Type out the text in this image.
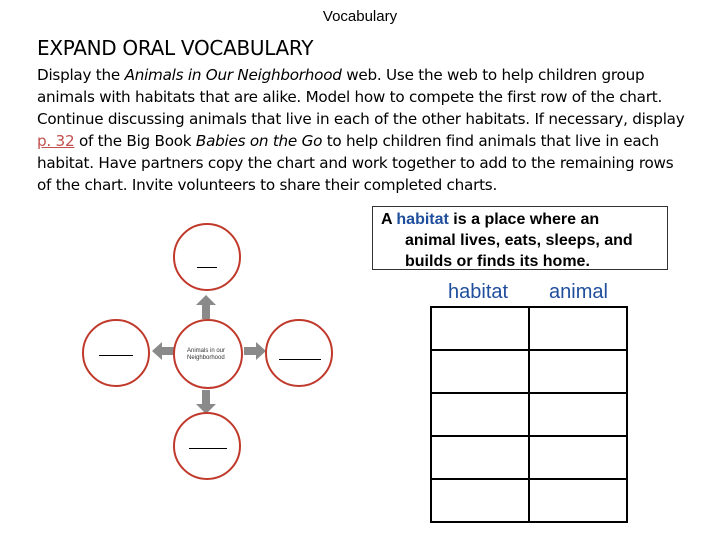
Vocabulary
EXPAND ORAL VOCABULARY
Display the Animals in Our Neighborhood web. Use the web to help children group animals with habitats that are alike. Model how to compete the first row of the chart. Continue discussing animals that live in each of the other habitats. If necessary, display p. 32 of the Big Book Babies on the Go to help children find animals that live in each habitat. Have partners copy the chart and work together to add to the remaining rows of the chart. Invite volunteers to share their completed charts.
A habitat is a place where an
animal lives, eats, sleeps, and
builds or finds its home.
Animals in our
Neighborhood
habitat animal
